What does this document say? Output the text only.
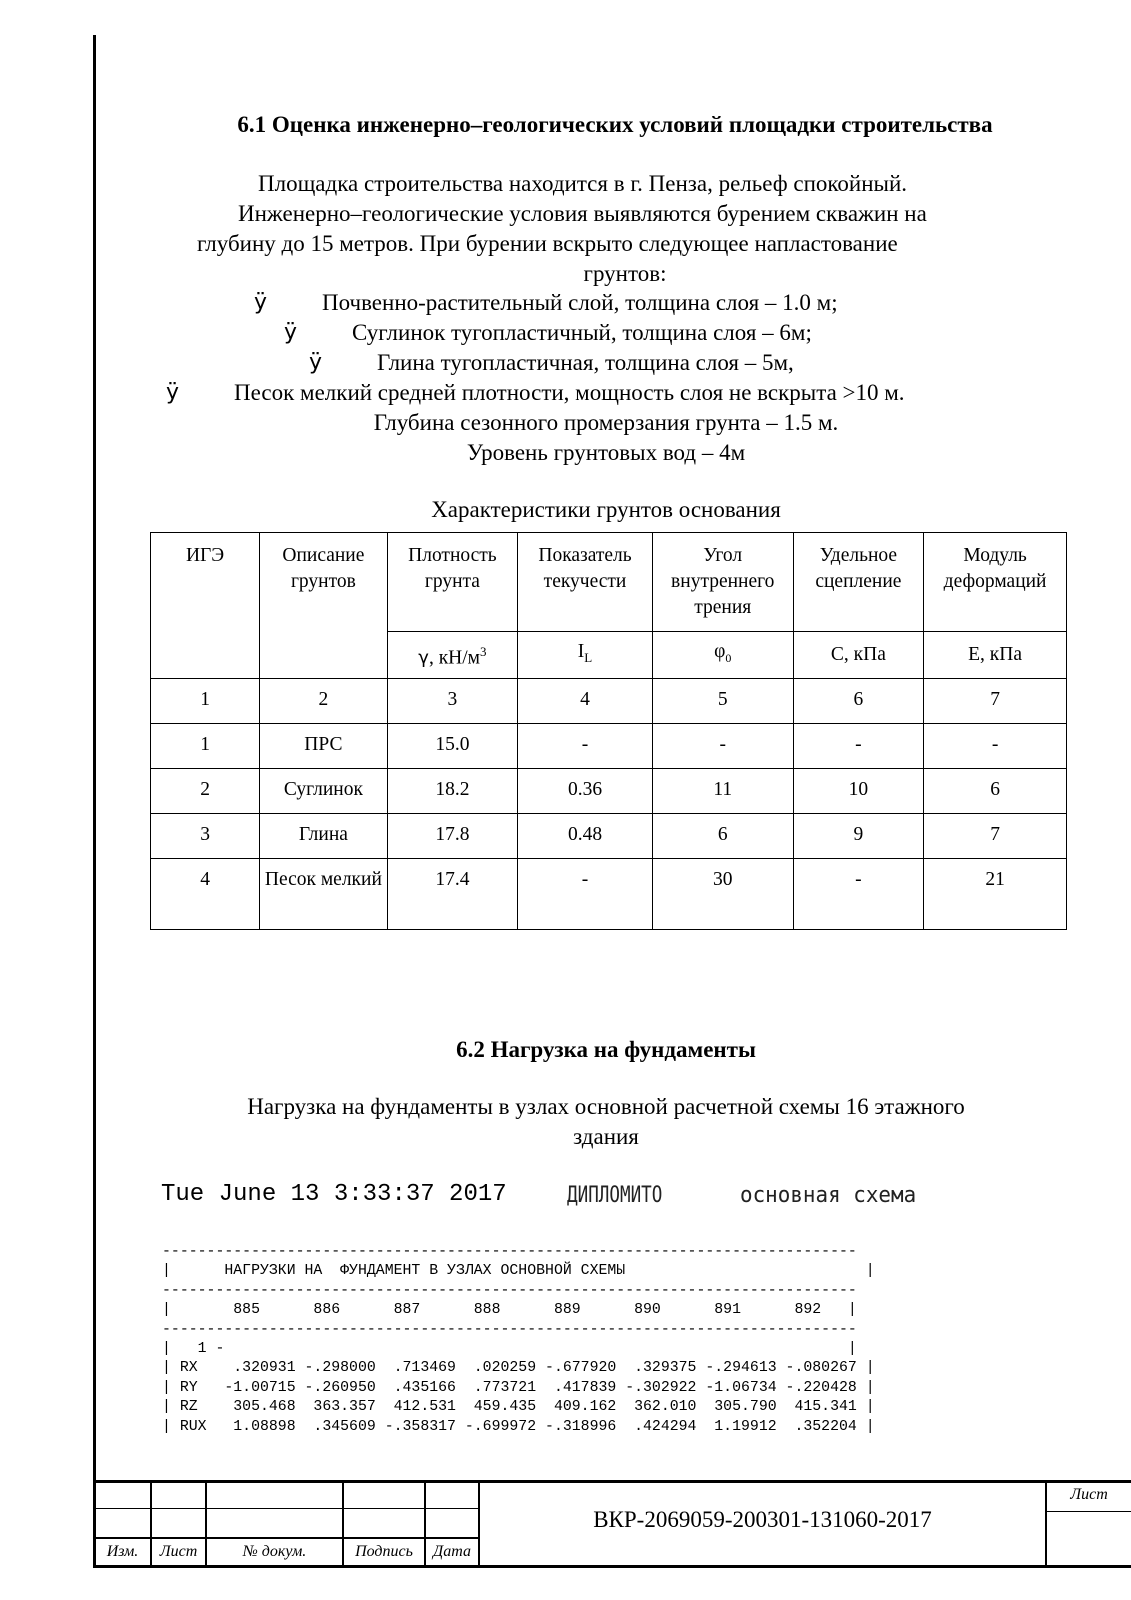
6.1 Оценка инженерно–геологических условий площадки строительства
Площадка строительства находится в г. Пенза, рельеф спокойный.
Инженерно–геологические условия выявляются бурением скважин на
глубину до 15 метров. При бурении вскрыто следующее напластование
грунтов:
ÿ Почвенно-растительный слой, толщина слоя – 1.0 м;
ÿ Суглинок тугопластичный, толщина слоя – 6м;
ÿ Глина тугопластичная, толщина слоя – 5м,
ÿ Песок мелкий средней плотности, мощность слоя не вскрыта >10 м.
Глубина сезонного промерзания грунта – 1.5 м.
Уровень грунтовых вод – 4м
Характеристики грунтов основания
ИГЭ	Описание грунтов	Плотность грунта	Показатель текучести	Угол внутреннего трения	Удельное сцепление	Модуль деформаций
		γ, $кН/м^3$	$I_L$	$\varphi_0$	С, кПа	Е, кПа
1	2	3	4	5	6	7
1	ПРС	15.0	-	-	-	-
2	Суглинок	18.2	0.36	11	10	6
3	Глина	17.8	0.48	6	9	7
4	Песок мелкий	17.4	-	30	-	21
6.2 Нагрузка на фундаменты
Нагрузка на фундаменты в узлах основной расчетной схемы 16 этажного
здания
Tue June 13 3:33:37 2017	ДИПЛОМИТО	основная схема
------------------------------------------------------------------------------
|      НАГРУЗКИ НА  ФУНДАМЕНТ В УЗЛАХ ОСНОВНОЙ СХЕМЫ                           |
------------------------------------------------------------------------------
|       885      886      887      888      889      890      891      892   |
------------------------------------------------------------------------------
|   1 -                                                                      |
| RX    .320931 -.298000  .713469  .020259 -.677920  .329375 -.294613 -.080267 |
| RY   -1.00715 -.260950  .435166  .773721  .417839 -.302922 -1.06734 -.220428 |
| RZ    305.468  363.357  412.531  459.435  409.162  362.010  305.790  415.341 |
| RUX   1.08898  .345609 -.358317 -.699972 -.318996  .424294  1.19912  .352204 |
Изм.	Лист	№ докум.	Подпись	Дата
Лист
ВКР-2069059-200301-131060-2017
